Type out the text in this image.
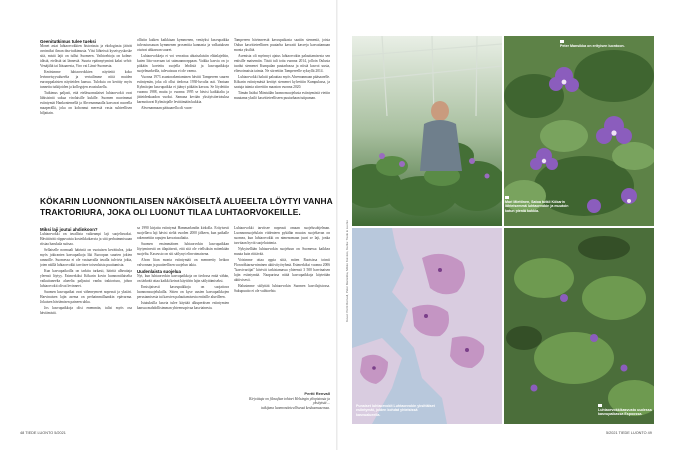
Geenitutkimus tulee tueksi

Monet asiat luhtaorvokkien historiasta ja ekologiasta jäävät avoimiksi ilman dna-tutkimusta. Viisi lähteissä kyseisyyskoske sitä, mistä lajit on tullut Suomeen. Vaihtoehtoja on kolme: idästä, etelästä tai lännestä. Suurta epäinnytyminä kaksi selvä: Venäjältä tai Itäsaaresta, Viro vai Länsi-Suomesta.

Keräsimme luhtaorvokkien näytteitä koko levinneisyysalueelta ja vertailimme niitä muiden eurooppalaisten näytteiden kanssa. Tuloksia on kerätty myös tunnettu tutkijoiden ja kollegojen avustuksella.

Tutkimus paljasti, että eteläsuomalaiset luhtaorvokit ovat lähisisintä sukua virolaisille kukille. Suomen nuorimmat esiintymät Hankoniemellä ja Ahvenanmaalla kasvavat nuorella maaperällä, joka on kohonnut merestä vasta suhteellisen hiljattain.

ollisiin kaiken kaikkiaan kymmenen, venäyksi kasvupaikka tulvoutussauan kymmenen prosenttia kannasta ja valkutuksen otuivat uhkaavan suuret.

Luhtaorvokkeja ei voi verrattua ahtaisalaisiin eläinlajeihin, kuten liito-oravaan tai saimaannorppaan. Vaikka kasvia on jo pitkään koetettu suojella lehdistä ja kasvupaikkoja suojelmarkeilla, tulevaisuus ei ole varma.

Vuonna 1973 asuntorakentaminen hävitti Tampereen suuren esiintymän, joka oli ollut tiedossa 1930-luvulta asti. Vantaan Kylmäojan kasvupaikka ei jäänyt pitkään kasvaa. Se löydettiin vuonna 1988, mutta jo vuonna 1995 se hävisi kaikkialta ja jätteidenkaadon vuoksi. Samana kevään yksityistieriotuksa karmoitavat Kylmäojalle levittämään kukkia.

Ahvenanmaan pääsaarella oli vuon-

Tampereen hävinneestä kasvupaikasta saatiin siemeniä, joista Oulun kasvitieteellinen puutarha kasvatti kasveja kasvattamaan monia yksilöä.

Asemista oli myönnyt ajatus luhtaorvokin palauttamisesta sen entisille maisemiin. Tästä tuli totta vuonna 2014, jolloin Oulusta tuodut siemenet Kumpulan puutarhassa ja niistä kasvoi uusia, elinvoimaisia taimia. Ne siirrettiin Tampereelle syksyllä 2014.

Luhtaorvokki halutti palauttaa myös Ahvenanmaan pääsaarelle. Kökarin esiintymästä kerätyt siemenet kylvettiin Kumpulassa, ja saatuja taimia siirrettiin maaston vuonna 2020.

Tämän lisäksi Mäntsälän luonnonsuojelusta esiintymästä vietiin muutama yksilö kasvitieteelliseen puutarhaan tutipuman.

KÖKARIN LUONNONTILAISEN NÄKÖISELTÄ ALUEELTA LÖYTYI VANHA TRAKTORIURA, JOKA OLI LUONUT TILAA LUHTAORVOKEILLE.
Miksi laji joutui ahdinkoon?

Luhtaorvokki on tavallista vaikeampi laji suojeltavaksi. Hävittävää riippuvaisia kosteikkokasvia ja sitä perhaimmissaan riisiaa harukala suitsaa.

Sellaiselle normaali häirintä on vuotuisen kevättulva, joka myös jokiranten kasvupaikoja liki Euroopan suurten jokien rannoille. Suomessa ei ole vastaavalla tavalla tulvivia jokia, joten näillä luhtaorvokki tarvitsee toisenlaista puuttumista.

Kun kasvupaikoilla on tarkttu tarkasti, häiritä alheuttaja yleensä löytyy. Esimerkiksi Kökarin kovin luonnontilaiselta vaikuttaneelta alueelta paljastui vanha traktoriura, johon luhtaorvokit olivat levinneet.

Suomen kasvupaikat ovat väheneymeet nopeasti ja yksiäri. Harvinaisen lajin asema on perhaimmillaankin epävarma. Jokaisen häviämisen paineen uhka.

Jos kasvupaikkoja olisi enemmän, tulisi myös osa häviämistä.

sa 1990 kirjattu esiintymä Hammarlandin kirkolla. Erityisesti suojellava laji hävisi sieltä vuoden 2000 jälkeen, kun paikalle rakennettiin rapujen kasvatusaltaita.

Suomen ensimmäinen luhtaorvokin kasvupaikkan löytyminestä on tilapäisesti, että sitä ole viellsiksin mitenkään suojeltu. Kasvusto on siti säilynyt elinvoimaisena.

Alvan liian monta esiintymää on menneetty heikon valvonnan ja puutteellisen suojelun takia.

Uudenlaista suojelua

Nyt, kun luhtaorvokin kasvupaikkoja on tiedossa enää vähän, on tärkeää ottaa kaikki keinot käyttöön lajin säilyttämiseksi.

Ensisijaisesti kasvupaikkoja on suojattava luonnonsuojelulailla. Sitten on kyse uusien kasvupaikkojen perustamisesta tai kasvien palauttamisesta entisille alueilleen.

Istutuksilla kasvia tulee käyttää alkuperäisen esiintymien kanssa mahdollisimman yhteensopivaa kasviainesta.

Luhtaorvokki tarvitsee nopeasti omaan suojelusohjelman. Luonnonsuojelulain viidenteen pykälän muutos suojeltavan on suomea, kun luhtaorvokki on nimenomaan juuri se laji, jonka tarvitaan hyviä suojelutoimia.

Nykyisellään luhtaorvokin suojeluun on Suomessa kaikkea muuta kuin riittävää.

Voisimme ottaa oppia siitä, miten Ruotsissa toimii Floravåktarna-niminen aktiivityöryhmä. Esimerkiksi vuonna 2006 "kasvivartijat" kävivät tarkistamassa yhteensä 3 500 harvinaisen lajin esiintymää. Naapurissa näitä kasvupaikkoja käytetään aktiivisesti.

Halusimme säilyttää luhtaorvokin Suomen kasvilajistossa. Sukupuutto ei ole vaihtoehto.

Pertti Renvall
Kirjoittaja on filosofian tohtori Helsingin yliopistosta ja yksityistä ...
tutkijana luonnontieteellisessä keskusmuseossa.
48 TIEDE LUONTO 5/2021
Peter Mansikka on erityisen luontoon.
Mari Miettinen, Satoa tutkii Kökarin lähteisemmä luhtaorvokin ja muutoin katun pieniä kukkia.
Punaiset luhtaorvokit Luhtaorvokin yksittäiset esiintymät, joiden kohdat yhteisissä kasvualueella.
Luhtaorvokkikasvusto uudessa kasvupaikassa Espoossa.
Kuvat: Pertti Renvall, Peter Mansikka, Mikko Koivisto, Kartta: Tiede & Luonto
5/2021 TIEDE LUONTO 49
